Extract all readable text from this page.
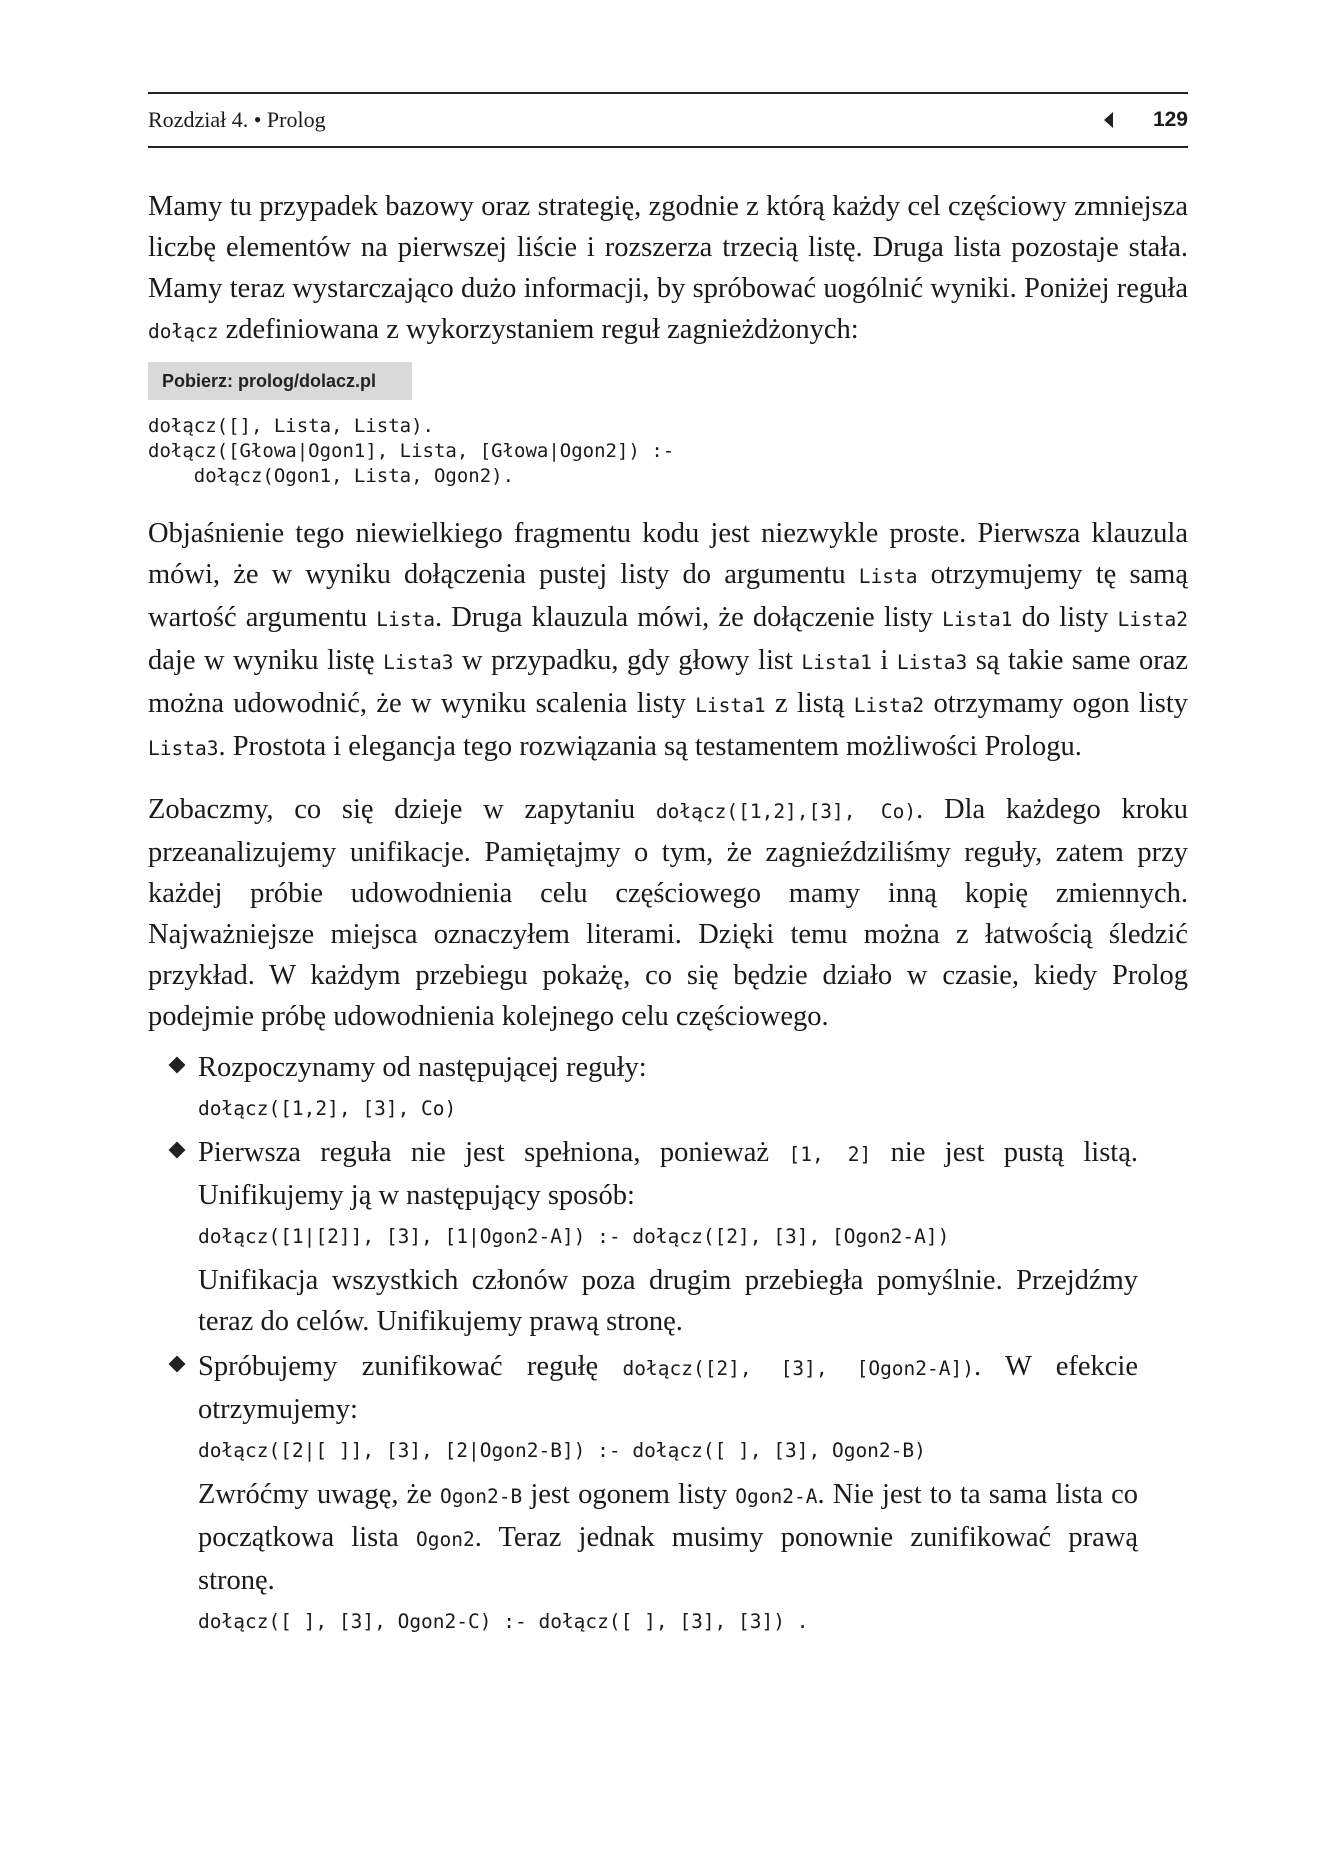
Rozdział 4. • Prolog	129

Mamy tu przypadek bazowy oraz strategię, zgodnie z którą każdy cel częściowy zmniejsza liczbę elementów na pierwszej liście i rozszerza trzecią listę. Druga lista pozostaje stała. Mamy teraz wystarczająco dużo informacji, by spróbować uogólnić wyniki. Poniżej reguła dołącz zdefiniowana z wykorzystaniem reguł zagnieżdżonych:

Pobierz: prolog/dolacz.pl
dołącz([], Lista, Lista).
dołącz([Głowa|Ogon1], Lista, [Głowa|Ogon2]) :-
dołącz(Ogon1, Lista, Ogon2).

Objaśnienie tego niewielkiego fragmentu kodu jest niezwykle proste. Pierwsza klauzula mówi, że w wyniku dołączenia pustej listy do argumentu Lista otrzymujemy tę samą wartość argumentu Lista. Druga klauzula mówi, że dołączenie listy Lista1 do listy Lista2 daje w wyniku listę Lista3 w przypadku, gdy głowy list Lista1 i Lista3 są takie same oraz można udowodnić, że w wyniku scalenia listy Lista1 z listą Lista2 otrzymamy ogon listy Lista3. Prostota i elegancja tego rozwiązania są testamentem możliwości Prologu.

Zobaczmy, co się dzieje w zapytaniu dołącz([1,2],[3], Co). Dla każdego kroku przeanalizujemy unifikacje. Pamiętajmy o tym, że zagnieździliśmy reguły, zatem przy każdej próbie udowodnienia celu częściowego mamy inną kopię zmiennych. Najważniejsze miejsca oznaczyłem literami. Dzięki temu można z łatwością śledzić przykład. W każdym przebiegu pokażę, co się będzie działo w czasie, kiedy Prolog podejmie próbę udowodnienia kolejnego celu częściowego.

Rozpoczynamy od następującej reguły:

dołącz([1,2], [3], Co)

Pierwsza reguła nie jest spełniona, ponieważ [1, 2] nie jest pustą listą. Unifikujemy ją w następujący sposób:

dołącz([1|[2]], [3], [1|Ogon2-A]) :- dołącz([2], [3], [Ogon2-A])

Unifikacja wszystkich członów poza drugim przebiegła pomyślnie. Przejdźmy teraz do celów. Unifikujemy prawą stronę.

Spróbujemy zunifikować regułę dołącz([2], [3], [Ogon2-A]). W efekcie otrzymujemy:

dołącz([2|[ ]], [3], [2|Ogon2-B]) :- dołącz([ ], [3], Ogon2-B)

Zwróćmy uwagę, że Ogon2-B jest ogonem listy Ogon2-A. Nie jest to ta sama lista co początkowa lista Ogon2. Teraz jednak musimy ponownie zunifikować prawą stronę.

dołącz([ ], [3], Ogon2-C) :- dołącz([ ], [3], [3]) .
